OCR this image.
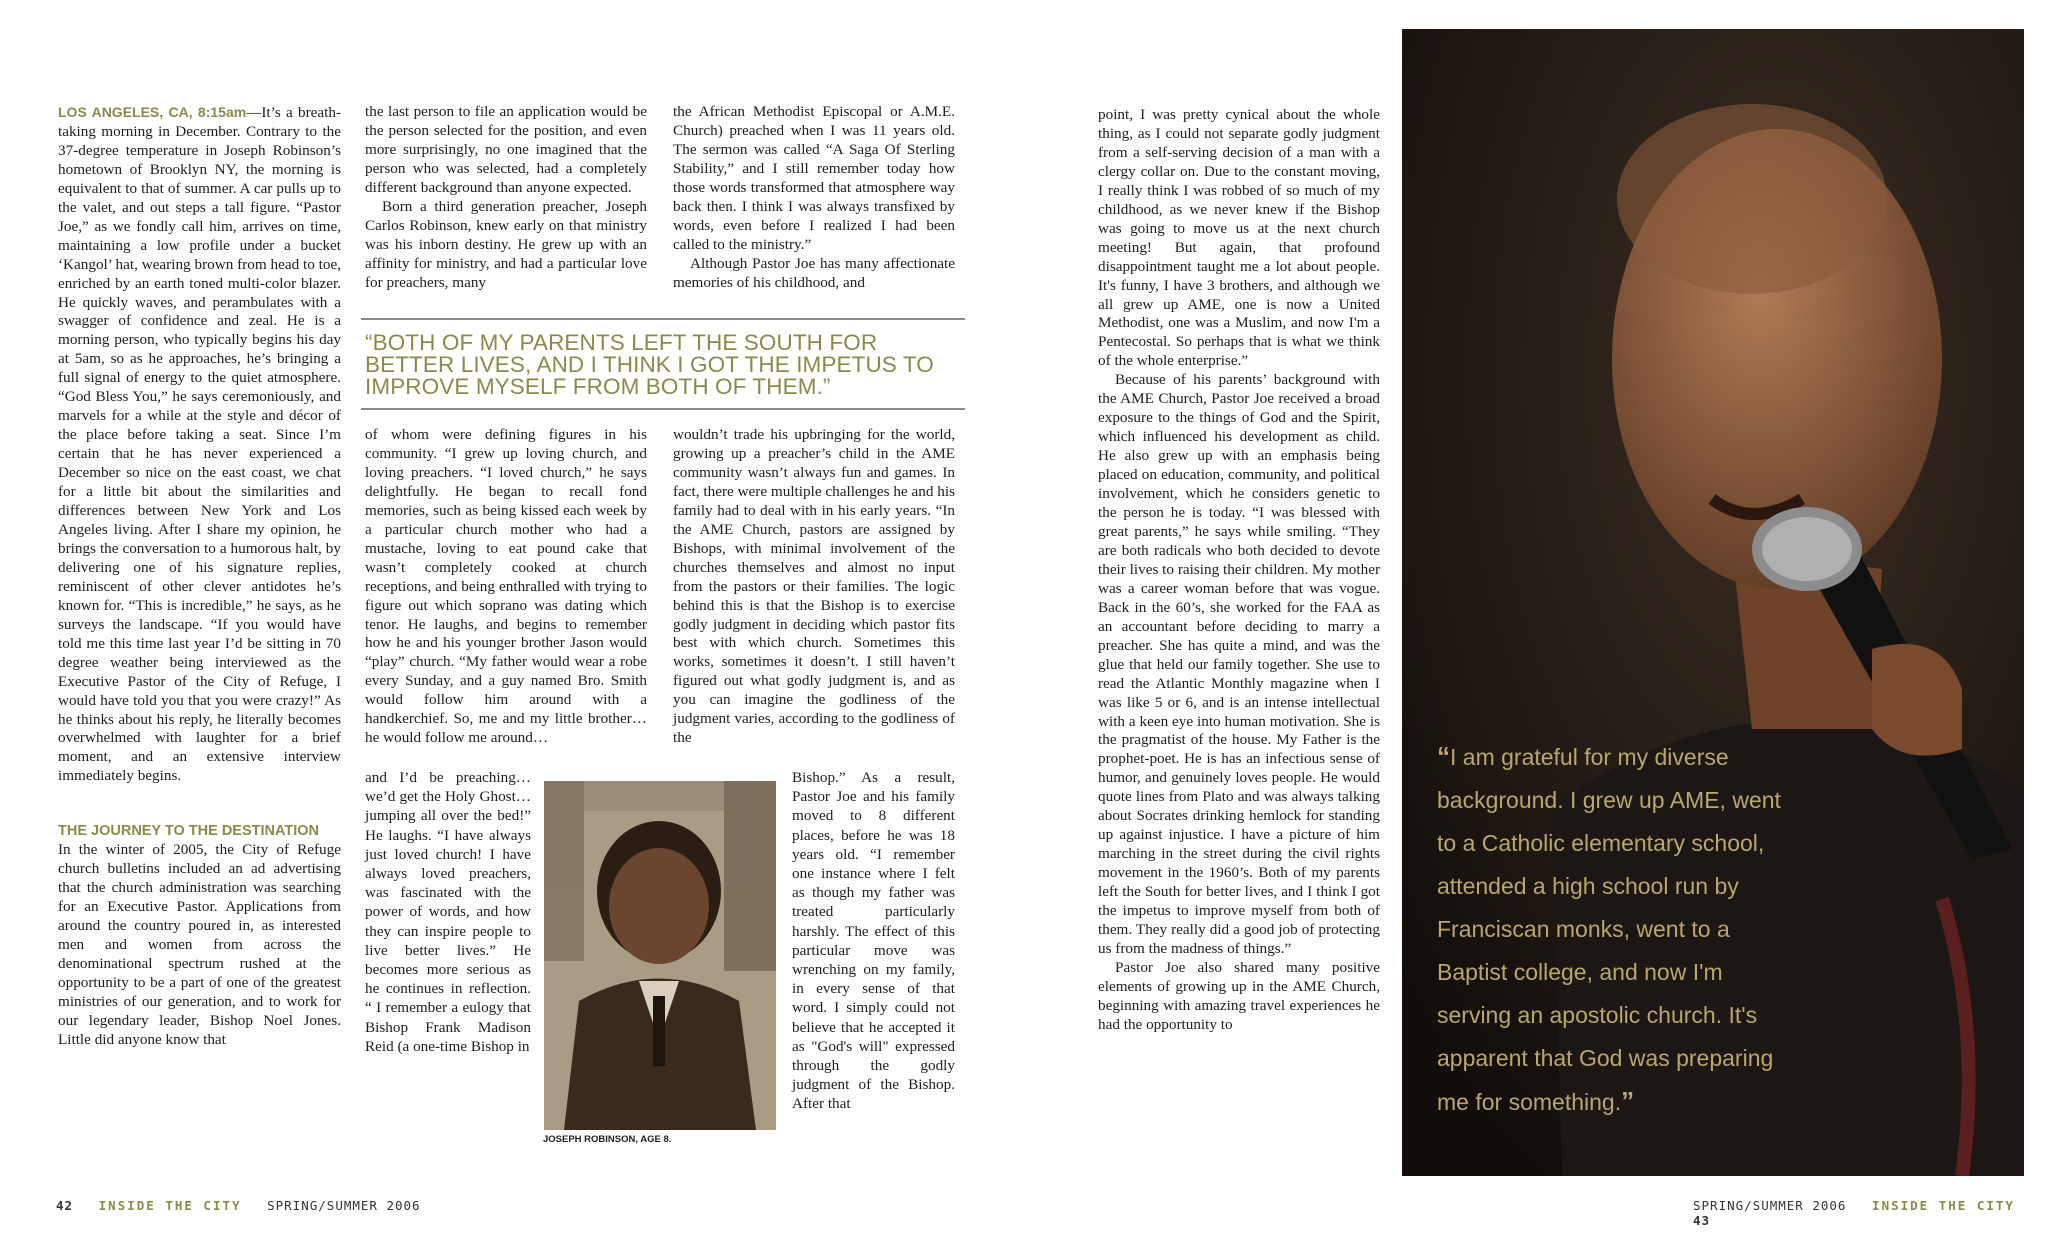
LOS ANGELES, CA, 8:15am—It’s a breath-taking morning in December. Contrary to the 37-degree temperature in Joseph Robinson’s hometown of Brooklyn NY, the morning is equivalent to that of summer. A car pulls up to the valet, and out steps a tall figure. “Pastor Joe,” as we fondly call him, arrives on time, maintaining a low profile under a bucket ‘Kangol’ hat, wearing brown from head to toe, enriched by an earth toned multi-color blazer. He quickly waves, and perambulates with a swagger of confidence and zeal. He is a morning person, who typically begins his day at 5am, so as he approaches, he’s bringing a full signal of energy to the quiet atmosphere. “God Bless You,” he says ceremoniously, and marvels for a while at the style and décor of the place before taking a seat. Since I’m certain that he has never experienced a December so nice on the east coast, we chat for a little bit about the similarities and differences between New York and Los Angeles living. After I share my opinion, he brings the conversation to a humorous halt, by delivering one of his signature replies, reminiscent of other clever antidotes he’s known for. “This is incredible,” he says, as he surveys the landscape. “If you would have told me this time last year I’d be sitting in 70 degree weather being interviewed as the Executive Pastor of the City of Refuge, I would have told you that you were crazy!” As he thinks about his reply, he literally becomes overwhelmed with laughter for a brief moment, and an extensive interview immediately begins.

THE JOURNEY TO THE DESTINATION

In the winter of 2005, the City of Refuge church bulletins included an ad advertising that the church administration was searching for an Executive Pastor. Applications from around the country poured in, as interested men and women from across the denominational spectrum rushed at the opportunity to be a part of one of the greatest ministries of our generation, and to work for our legendary leader, Bishop Noel Jones. Little did anyone know that

the last person to file an application would be the person selected for the position, and even more surprisingly, no one imagined that the person who was selected, had a completely different background than anyone expected.

Born a third generation preacher, Joseph Carlos Robinson, knew early on that ministry was his inborn destiny. He grew up with an affinity for ministry, and had a particular love for preachers, many

the African Methodist Episcopal or A.M.E. Church) preached when I was 11 years old. The sermon was called “A Saga Of Sterling Stability,” and I still remember today how those words transformed that atmosphere way back then. I think I was always transfixed by words, even before I realized I had been called to the ministry.”

Although Pastor Joe has many affectionate memories of his childhood, and

“BOTH OF MY PARENTS LEFT THE SOUTH FOR BETTER LIVES, AND I THINK I GOT THE IMPETUS TO IMPROVE MYSELF FROM BOTH OF THEM.”

of whom were defining figures in his community. “I grew up loving church, and loving preachers. “I loved church,” he says delightfully. He began to recall fond memories, such as being kissed each week by a particular church mother who had a mustache, loving to eat pound cake that wasn’t completely cooked at church receptions, and being enthralled with trying to figure out which soprano was dating which tenor. He laughs, and begins to remember how he and his younger brother Jason would “play” church. “My father would wear a robe every Sunday, and a guy named Bro. Smith would follow him around with a handkerchief. So, me and my little brother… he would follow me around…

and I’d be preaching… we’d get the Holy Ghost… jumping all over the bed!” He laughs. “I have always just loved church! I have always loved preachers, was fascinated with the power of words, and how they can inspire people to live better lives.” He becomes more serious as he continues in reflection. “ I remember a eulogy that Bishop Frank Madison Reid (a one-time Bishop in

JOSEPH ROBINSON, AGE 8.

wouldn’t trade his upbringing for the world, growing up a preacher’s child in the AME community wasn’t always fun and games. In fact, there were multiple challenges he and his family had to deal with in his early years. “In the AME Church, pastors are assigned by Bishops, with minimal involvement of the churches themselves and almost no input from the pastors or their families. The logic behind this is that the Bishop is to exercise godly judgment in deciding which pastor fits best with which church. Sometimes this works, sometimes it doesn’t. I still haven’t figured out what godly judgment is, and as you can imagine the godliness of the judgment varies, according to the godliness of the

Bishop.” As a result, Pastor Joe and his family moved to 8 different places, before he was 18 years old. “I remember one instance where I felt as though my father was treated particularly harshly. The effect of this particular move was wrenching on my family, in every sense of that word. I simply could not believe that he accepted it as "God's will" expressed through the godly judgment of the Bishop. After that

point, I was pretty cynical about the whole thing, as I could not separate godly judgment from a self-serving decision of a man with a clergy collar on. Due to the constant moving, I really think I was robbed of so much of my childhood, as we never knew if the Bishop was going to move us at the next church meeting! But again, that profound disappointment taught me a lot about people. It's funny, I have 3 brothers, and although we all grew up AME, one is now a United Methodist, one was a Muslim, and now I'm a Pentecostal. So perhaps that is what we think of the whole enterprise.”

Because of his parents’ background with the AME Church, Pastor Joe received a broad exposure to the things of God and the Spirit, which influenced his development as child. He also grew up with an emphasis being placed on education, community, and political involvement, which he considers genetic to the person he is today. “I was blessed with great parents,” he says while smiling. “They are both radicals who both decided to devote their lives to raising their children. My mother was a career woman before that was vogue. Back in the 60’s, she worked for the FAA as an accountant before deciding to marry a preacher. She has quite a mind, and was the glue that held our family together. She use to read the Atlantic Monthly magazine when I was like 5 or 6, and is an intense intellectual with a keen eye into human motivation. She is the pragmatist of the house. My Father is the prophet-poet. He is has an infectious sense of humor, and genuinely loves people. He would quote lines from Plato and was always talking about Socrates drinking hemlock for standing up against injustice. I have a picture of him marching in the street during the civil rights movement in the 1960’s. Both of my parents left the South for better lives, and I think I got the impetus to improve myself from both of them. They really did a good job of protecting us from the madness of things.”

Pastor Joe also shared many positive elements of growing up in the AME Church, beginning with amazing travel experiences he had the opportunity to

“I am grateful for my diverse background. I grew up AME, went to a Catholic elementary school, attended a high school run by Franciscan monks, went to a Baptist college, and now I'm serving an apostolic church. It's apparent that God was preparing me for something.”
42 INSIDE THE CITY SPRING/SUMMER 2006	SPRING/SUMMER 2006 INSIDE THE CITY   43
